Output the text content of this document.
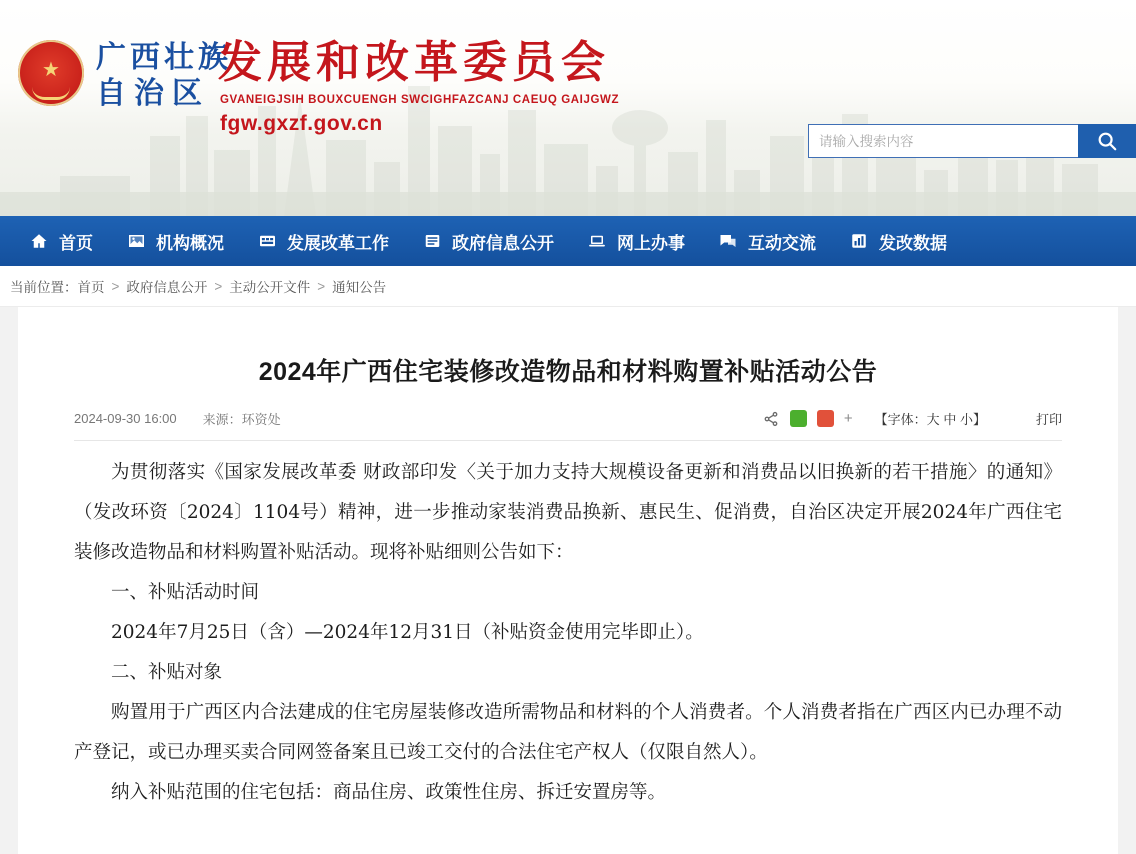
★ 广西壮族
自治区
发展和改革委员会
GVANEIGJSIH BOUXCUENGH SWCIGHFAZCANJ CAEUQ GAIJGWZ
fgw.gxzf.gov.cn
请输入搜索内容
首页	机构概况	发展改革工作	政府信息公开	网上办事	互动交流	发改数据
当前位置： 首页 > 政府信息公开 > 主动公开文件 > 通知公告
2024年广西住宅装修改造物品和材料购置补贴活动公告
2024-09-30 16:00 来源：环资处	+ 【字体：大 中 小】	打印

为贯彻落实《国家发展改革委 财政部印发〈关于加力支持大规模设备更新和消费品以旧换新的若干措施〉的通知》（发改环资〔2024〕1104号）精神，进一步推动家装消费品换新、惠民生、促消费，自治区决定开展2024年广西住宅装修改造物品和材料购置补贴活动。现将补贴细则公告如下：

一、补贴活动时间

2024年7月25日（含）—2024年12月31日（补贴资金使用完毕即止）。

二、补贴对象

购置用于广西区内合法建成的住宅房屋装修改造所需物品和材料的个人消费者。个人消费者指在广西区内已办理不动产登记，或已办理买卖合同网签备案且已竣工交付的合法住宅产权人（仅限自然人）。

纳入补贴范围的住宅包括：商品住房、政策性住房、拆迁安置房等。
